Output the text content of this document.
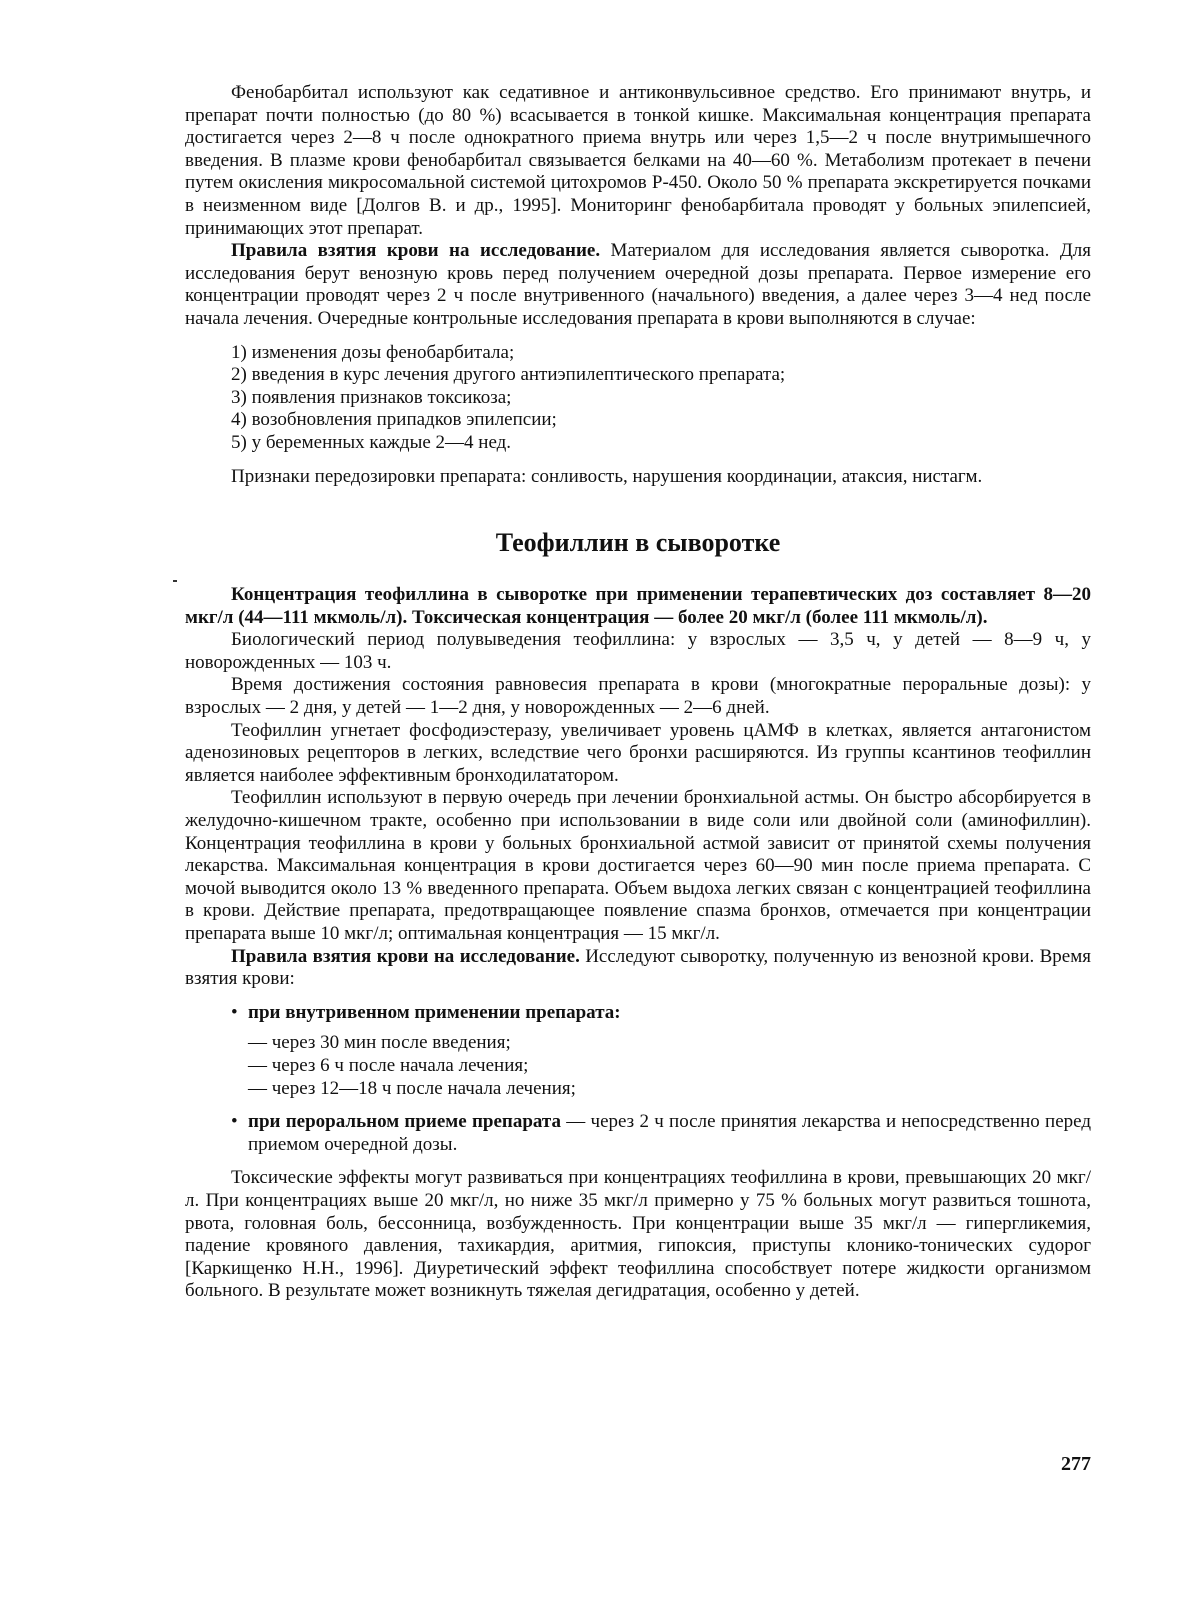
Фенобарбитал используют как седативное и антиконвульсивное средство. Его принимают внутрь, и препарат почти полностью (до 80 %) всасывается в тонкой кишке. Максимальная концентрация препарата достигается через 2—8 ч после однократного приема внутрь или через 1,5—2 ч после внутримышечного введения. В плазме крови фенобарбитал связывается белками на 40—60 %. Метаболизм протекает в печени путем окисления микросомальной системой цитохромов Р-450. Около 50 % препарата экскретируется почками в неизменном виде [Долгов В. и др., 1995]. Мониторинг фенобарбитала проводят у больных эпилепсией, принимающих этот препарат.

Правила взятия крови на исследование. Материалом для исследования является сыворотка. Для исследования берут венозную кровь перед получением очередной дозы препарата. Первое измерение его концентрации проводят через 2 ч после внутривенного (начального) введения, а далее через 3—4 нед после начала лечения. Очередные контрольные исследования препарата в крови выполняются в случае:

1) изменения дозы фенобарбитала;
2) введения в курс лечения другого антиэпилептического препарата;
3) появления признаков токсикоза;
4) возобновления припадков эпилепсии;
5) у беременных каждые 2—4 нед.

Признаки передозировки препарата: сонливость, нарушения координации, атаксия, нистагм.

Теофиллин в сыворотке

Концентрация теофиллина в сыворотке при применении терапевтических доз составляет 8—20 мкг/л (44—111 мкмоль/л). Токсическая концентрация — более 20 мкг/л (более 111 мкмоль/л).

Биологический период полувыведения теофиллина: у взрослых — 3,5 ч, у детей — 8—9 ч, у новорожденных — 103 ч.

Время достижения состояния равновесия препарата в крови (многократные пероральные дозы): у взрослых — 2 дня, у детей — 1—2 дня, у новорожденных — 2—6 дней.

Теофиллин угнетает фосфодиэстеразу, увеличивает уровень цАМФ в клетках, является антагонистом аденозиновых рецепторов в легких, вследствие чего бронхи расширяются. Из группы ксантинов теофиллин является наиболее эффективным бронходилататором.

Теофиллин используют в первую очередь при лечении бронхиальной астмы. Он быстро абсорбируется в желудочно-кишечном тракте, особенно при использовании в виде соли или двойной соли (аминофиллин). Концентрация теофиллина в крови у больных бронхиальной астмой зависит от принятой схемы получения лекарства. Максимальная концентрация в крови достигается через 60—90 мин после приема препарата. С мочой выводится около 13 % введенного препарата. Объем выдоха легких связан с концентрацией теофиллина в крови. Действие препарата, предотвращающее появление спазма бронхов, отмечается при концентрации препарата выше 10 мкг/л; оптимальная концентрация — 15 мкг/л.

Правила взятия крови на исследование. Исследуют сыворотку, полученную из венозной крови. Время взятия крови:

• при внутривенном применении препарата:
— через 30 мин после введения;
— через 6 ч после начала лечения;
— через 12—18 ч после начала лечения;
• при пероральном приеме препарата — через 2 ч после принятия лекарства и непосредственно перед приемом очередной дозы.

Токсические эффекты могут развиваться при концентрациях теофиллина в крови, превышающих 20 мкг/л. При концентрациях выше 20 мкг/л, но ниже 35 мкг/л примерно у 75 % больных могут развиться тошнота, рвота, головная боль, бессонница, возбужденность. При концентрации выше 35 мкг/л — гипергликемия, падение кровяного давления, тахикардия, аритмия, гипоксия, приступы клонико-тонических судорог [Каркищенко Н.Н., 1996]. Диуретический эффект теофиллина способствует потере жидкости организмом больного. В результате может возникнуть тяжелая дегидратация, особенно у детей.

277
